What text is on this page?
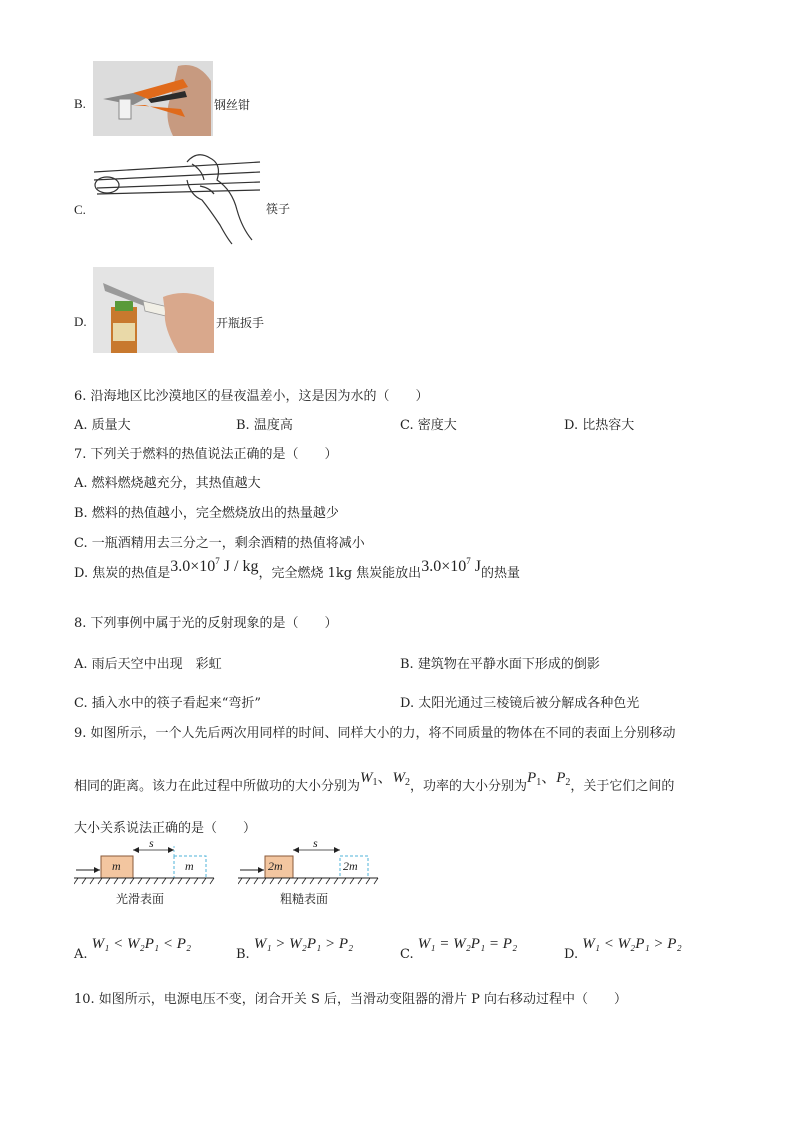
B.	钢丝钳
C.	筷子
D.	开瓶扳手
6. 沿海地区比沙漠地区的昼夜温差小，这是因为水的（　　）
A. 质量大	B. 温度高	C. 密度大	D. 比热容大
7. 下列关于燃料的热值说法正确的是（　　）
A. 燃料燃烧越充分，其热值越大
B. 燃料的热值越小，完全燃烧放出的热量越少
C. 一瓶酒精用去三分之一，剩余酒精的热值将减小
D. 焦炭的热值是$3.0\times 10^7$ J / kg，完全燃烧 1kg 焦炭能放出$3.0\times 10^7$ J的热量
8. 下列事例中属于光的反射现象的是（　　）
A. 雨后天空中出现　彩虹	B. 建筑物在平静水面下形成的倒影
C. 插入水中的筷子看起来“弯折”	D. 太阳光通过三棱镜后被分解成各种色光
9. 如图所示，一个人先后两次用同样的时间、同样大小的力，将不同质量的物体在不同的表面上分别移动
相同的距离。该力在此过程中所做功的大小分别为$W_1$、$W_2$，功率的大小分别为$P_1$、$P_2$，关于它们之间的
大小关系说法正确的是（　　）
m
s
m
光滑表面
2m
s
2m
粗糙表面
A. W₁ < W₂P₁ < P₂
B. W₁ > W₂P₁ > P₂
C. W₁ = W₂P₁ = P₂
D. W₁ < W₂P₁ > P₂
10. 如图所示，电源电压不变，闭合开关 S 后，当滑动变阻器的滑片 P 向右移动过程中（　　）
